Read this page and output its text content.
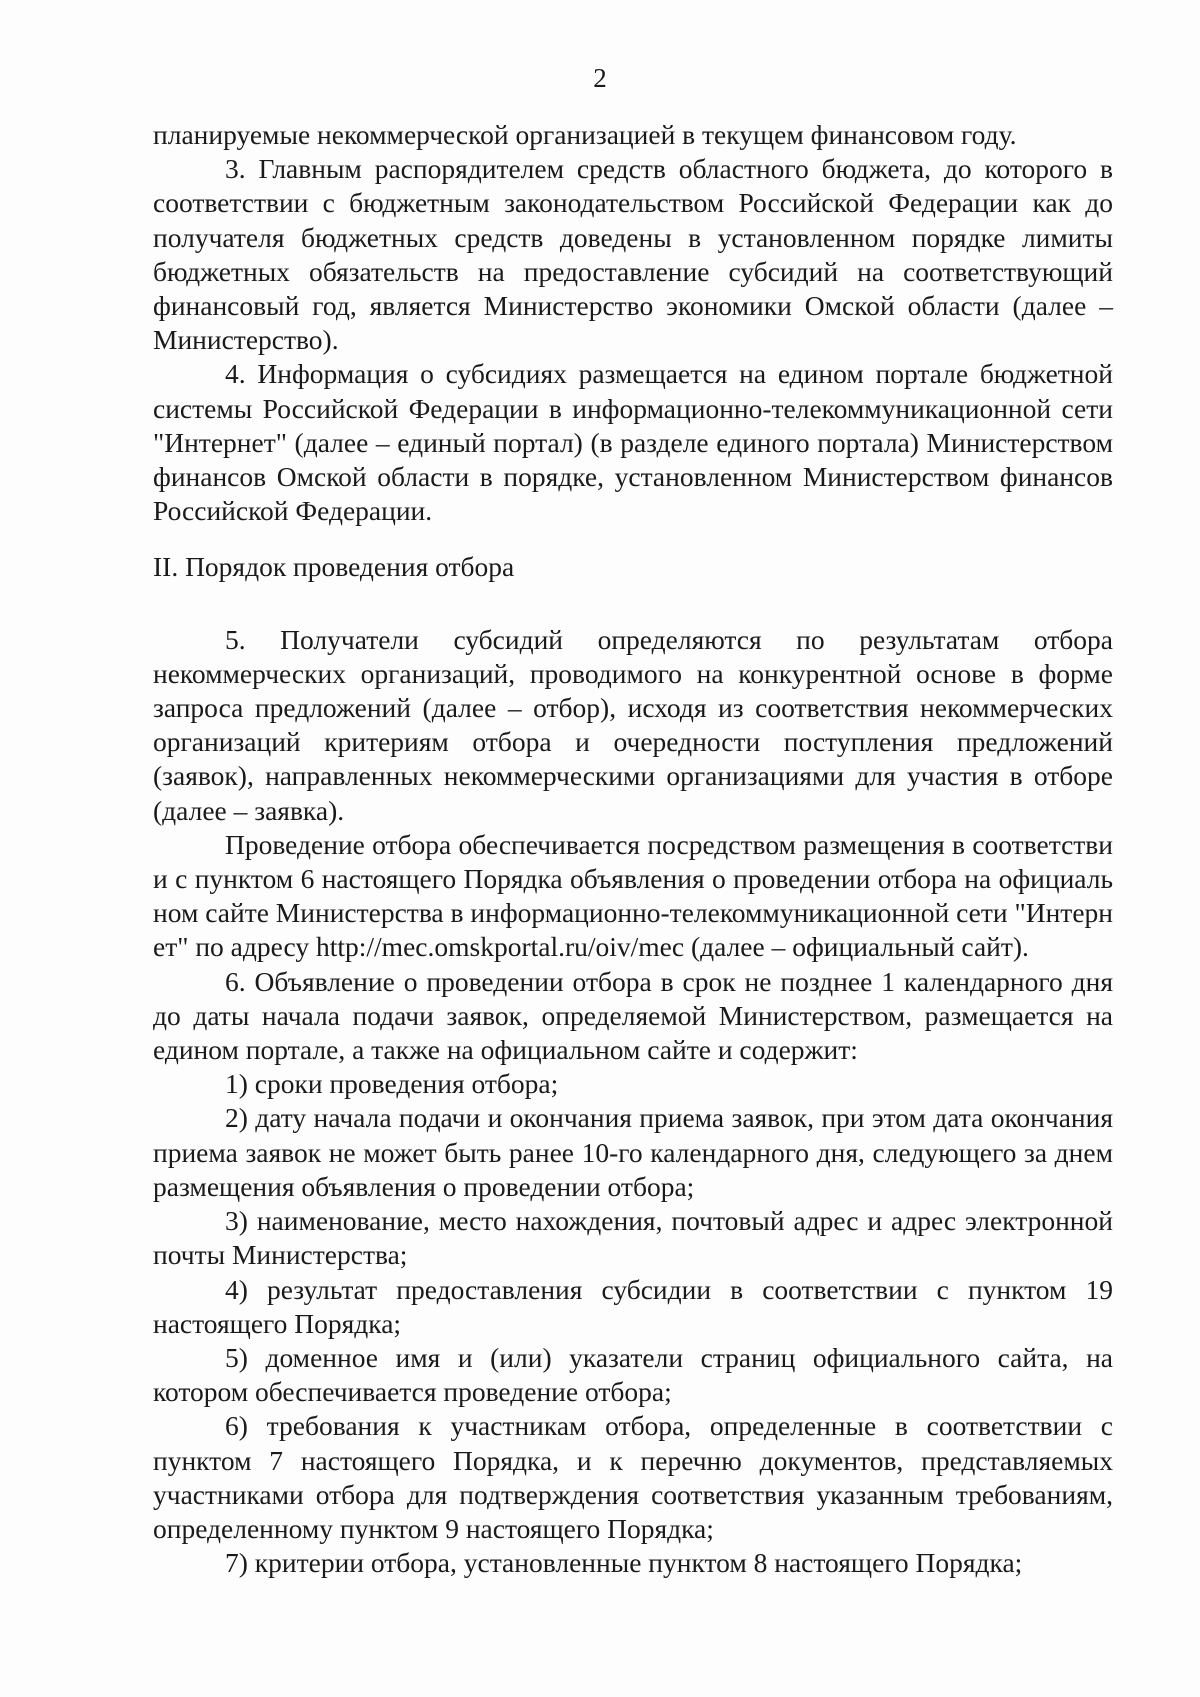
2

планируемые некоммерческой организацией в текущем финансовом году.

3. Главным распорядителем средств областного бюджета, до которого в соответствии с бюджетным законодательством Российской Федерации как до получателя бюджетных средств доведены в установленном порядке лимиты бюджетных обязательств на предоставление субсидий на соответствующий финансовый год, является Министерство экономики Омской области (далее – Министерство).

4. Информация о субсидиях размещается на едином портале бюджетной системы Российской Федерации в информационно-телекоммуникационной сети "Интернет" (далее – единый портал) (в разделе единого портала) Министерством финансов Омской области в порядке, установленном Министерством финансов Российской Федерации.

II. Порядок проведения отбора

5. Получатели субсидий определяются по результатам отбора некоммерческих организаций, проводимого на конкурентной основе в форме запроса предложений (далее – отбор), исходя из соответствия некоммерческих организаций критериям отбора и очередности поступления предложений (заявок), направленных некоммерческими организациями для участия в отборе (далее – заявка).

Проведение отбора обеспечивается посредством размещения в соответствии с пунктом 6 настоящего Порядка объявления о проведении отбора на официальном сайте Министерства в информационно-телекоммуникационной сети "Интернет" по адресу http://mec.omskportal.ru/oiv/mec (далее – официальный сайт).

6. Объявление о проведении отбора в срок не позднее 1 календарного дня до даты начала подачи заявок, определяемой Министерством, размещается на едином портале, а также на официальном сайте и содержит:

1) сроки проведения отбора;

2) дату начала подачи и окончания приема заявок, при этом дата окончания приема заявок не может быть ранее 10-го календарного дня, следующего за днем размещения объявления о проведении отбора;

3) наименование, место нахождения, почтовый адрес и адрес электронной почты Министерства;

4) результат предоставления субсидии в соответствии с пунктом 19 настоящего Порядка;

5) доменное имя и (или) указатели страниц официального сайта, на котором обеспечивается проведение отбора;

6) требования к участникам отбора, определенные в соответствии с пунктом 7 настоящего Порядка, и к перечню документов, представляемых участниками отбора для подтверждения соответствия указанным требованиям, определенному пунктом 9 настоящего Порядка;

7) критерии отбора, установленные пунктом 8 настоящего Порядка;
